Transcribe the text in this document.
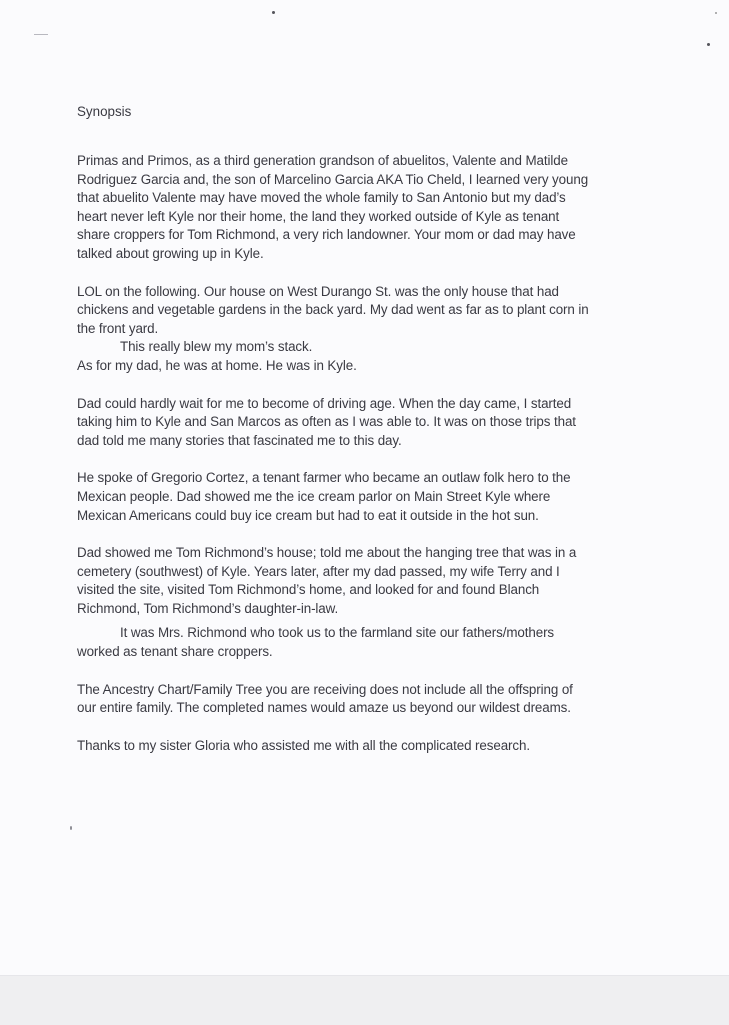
Synopsis
Primas and Primos, as a third generation grandson of abuelitos, Valente and Matilde
Rodriguez Garcia and, the son of Marcelino Garcia AKA Tio Cheld, I learned very young
that abuelito Valente may have moved the whole family to San Antonio but my dad’s
heart never left Kyle nor their home, the land they worked outside of Kyle as tenant
share croppers for Tom Richmond, a very rich landowner. Your mom or dad may have
talked about growing up in Kyle.
LOL on the following. Our house on West Durango St. was the only house that had
chickens and vegetable gardens in the back yard. My dad went as far as to plant corn in
the front yard.
This really blew my mom’s stack.
As for my dad, he was at home. He was in Kyle.
Dad could hardly wait for me to become of driving age. When the day came, I started
taking him to Kyle and San Marcos as often as I was able to. It was on those trips that
dad told me many stories that fascinated me to this day.
He spoke of Gregorio Cortez, a tenant farmer who became an outlaw folk hero to the
Mexican people. Dad showed me the ice cream parlor on Main Street Kyle where
Mexican Americans could buy ice cream but had to eat it outside in the hot sun.
Dad showed me Tom Richmond’s house; told me about the hanging tree that was in a
cemetery (southwest) of Kyle. Years later, after my dad passed, my wife Terry and I
visited the site, visited Tom Richmond’s home, and looked for and found Blanch
Richmond, Tom Richmond’s daughter-in-law.
It was Mrs. Richmond who took us to the farmland site our fathers/mothers
worked as tenant share croppers.
The Ancestry Chart/Family Tree you are receiving does not include all the offspring of
our entire family. The completed names would amaze us beyond our wildest dreams.
Thanks to my sister Gloria who assisted me with all the complicated research.
